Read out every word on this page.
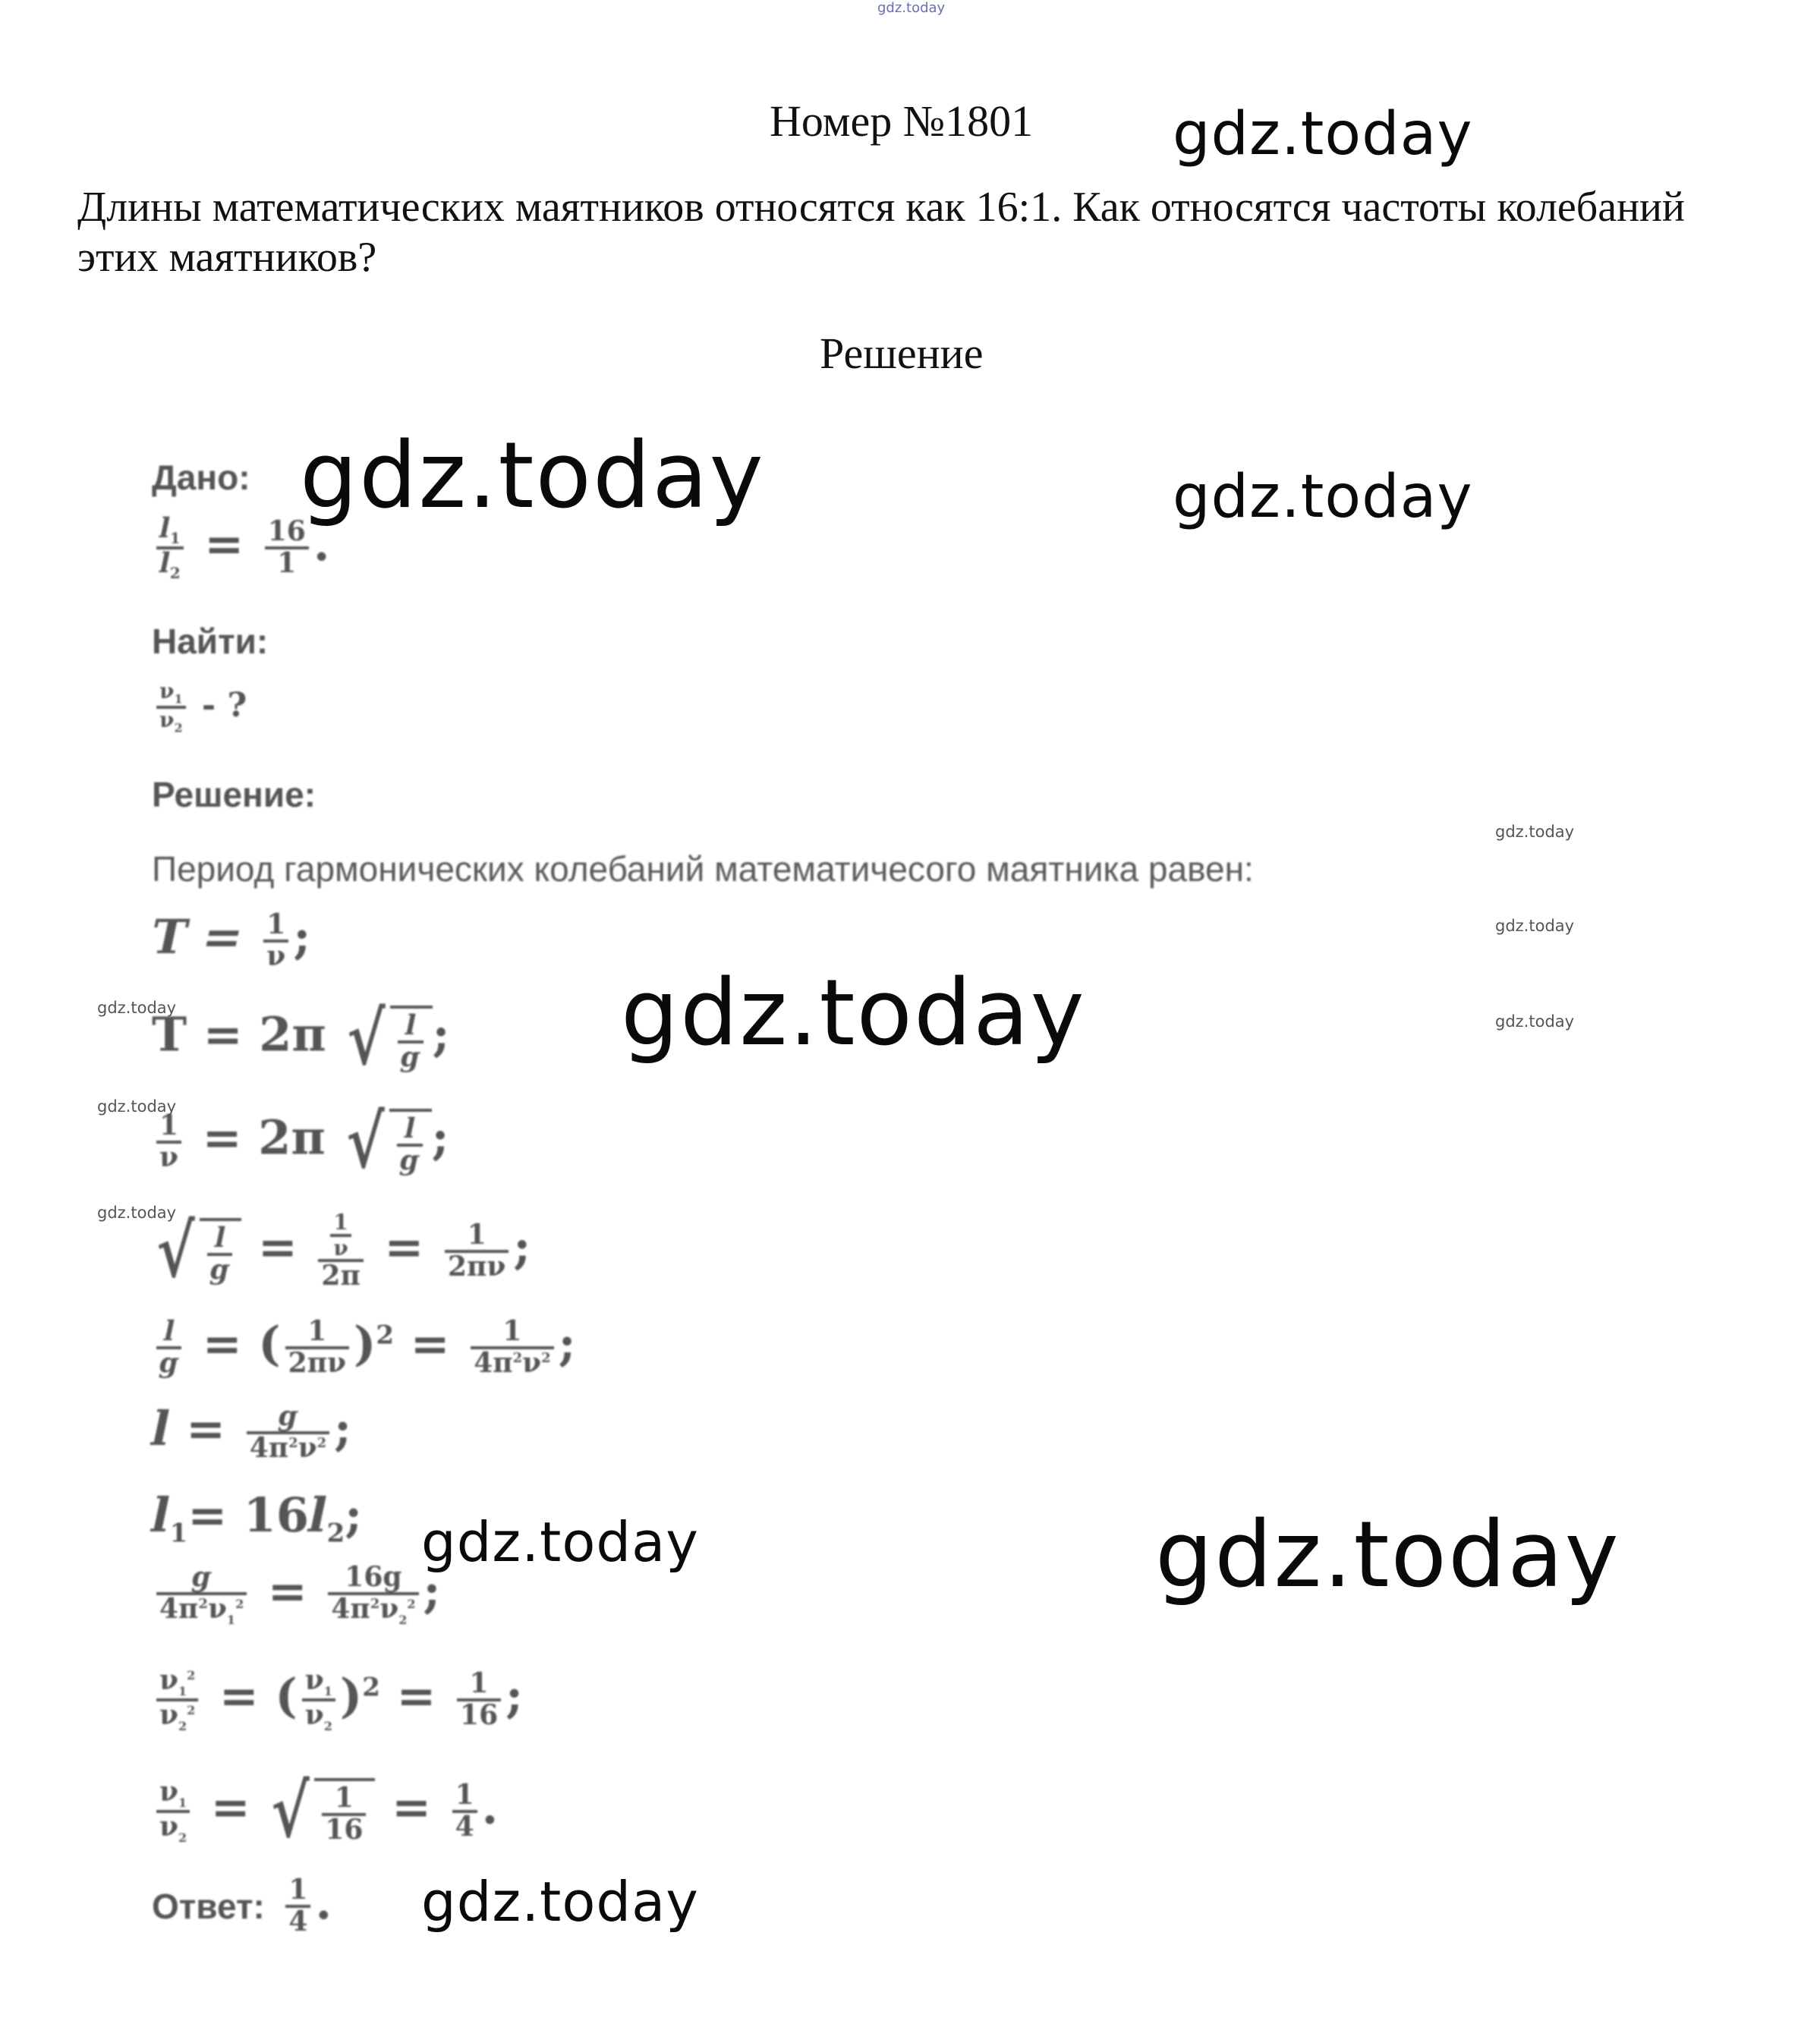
gdz.today
gdz.today
gdz.today	gdz.today
gdz.today
gdz.today	gdz.today
gdz.today
gdz.today
gdz.today
gdz.today
gdz.today
gdz.today
gdz.today
Номер №1801
Длины математических маятников относятся как 16:1. Как относятся частоты колебаний этих маятников?
Решение
Дано:
$\frac{l_1}{l_2} = \frac{16}{1}$ .
Найти:
$\frac{\nu_1}{\nu_2}$ - ?
Решение:
Период гармонических колебаний математичесого маятника равен:
$T = \frac{1}{\nu}$ ;
T = 2π √ $\frac{l}{g}$ ;
$\frac{1}{\nu} = 2\pi$ √ $\frac{l}{g}$ ;
√ $\frac{l}{g} = \frac{\frac{1}{\nu}}{2\pi} = \frac{1}{2\pi\nu}$ ;
$\frac{l}{g}$ = ( $\frac{1}{2\pi\nu} )^2 = \frac{1}{4\pi^2\nu^2}$ ;
$l = \frac{g}{4\pi^2\nu^2}$ ;
$l_1= 16l_2$;
$\frac{g}{4\pi^2\nu_1^2} = \frac{16g}{4\pi^2\nu_2^2}$ ;
$\frac{\nu_1^2}{\nu_2^2}$ = ( $\frac{\nu_1}{\nu_2} )^2 = \frac{1}{16}$ ;
$\frac{\nu_1}{\nu_2}$ = √ $\frac{1}{16} = \frac{1}{4}$ .
Ответ: $\frac{1}{4}$ .
